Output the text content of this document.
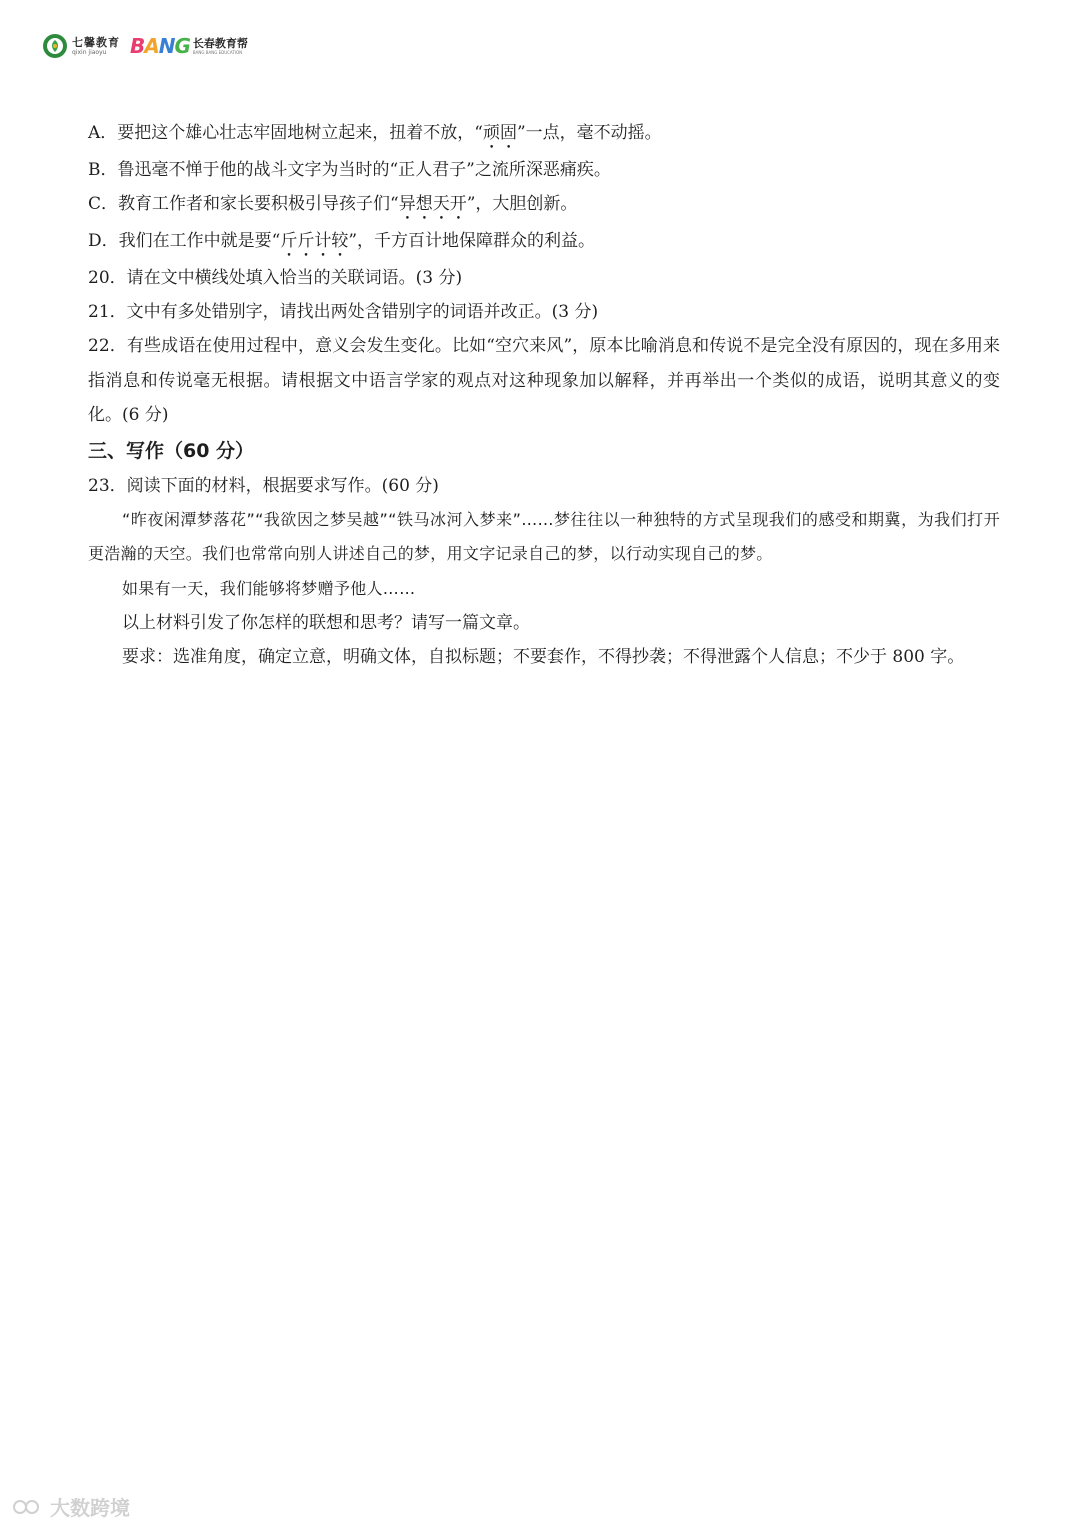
七馨教育
qixin jiaoyu	BANG 长春教育帮
BANG BANG EDUCATION
A．要把这个雄心壮志牢固地树立起来，扭着不放，“顽固”一点，毫不动摇。
B．鲁迅毫不惮于他的战斗文字为当时的“正人君子”之流所深恶痛疾。
C．教育工作者和家长要积极引导孩子们“异想天开”，大胆创新。
D．我们在工作中就是要“斤斤计较”，千方百计地保障群众的利益。
20．请在文中横线处填入恰当的关联词语。(3 分)
21．文中有多处错别字，请找出两处含错别字的词语并改正。(3 分)
22．有些成语在使用过程中，意义会发生变化。比如“空穴来风”，原本比喻消息和传说不是完全没有原因的，现在多用来指消息和传说毫无根据。请根据文中语言学家的观点对这种现象加以解释，并再举出一个类似的成语，说明其意义的变化。(6 分)
三、写作（60 分）
23．阅读下面的材料，根据要求写作。(60 分)
“昨夜闲潭梦落花”“我欲因之梦吴越”“铁马冰河入梦来”……梦往往以一种独特的方式呈现我们的感受和期冀，为我们打开更浩瀚的天空。我们也常常向别人讲述自己的梦，用文字记录自己的梦，以行动实现自己的梦。
如果有一天，我们能够将梦赠予他人……
以上材料引发了你怎样的联想和思考？请写一篇文章。
要求：选准角度，确定立意，明确文体，自拟标题；不要套作，不得抄袭；不得泄露个人信息；不少于 800 字。
大数跨境
